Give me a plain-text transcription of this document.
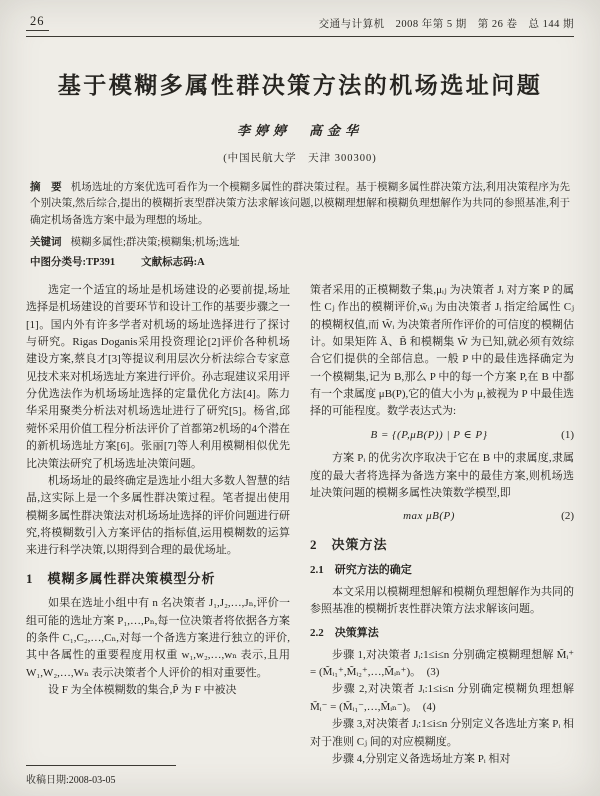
26	交通与计算机　2008 年第 5 期　第 26 卷　总 144 期
基于模糊多属性群决策方法的机场选址问题
李婷婷　高金华
(中国民航大学　天津 300300)

摘　要 机场选址的方案优选可看作为一个模糊多属性的群决策过程。基于模糊多属性群决策方法,利用决策程序为先个别决策,然后综合,提出的模糊折衷型群决策方法求解该问题,以模糊理想解和模糊负理想解作为共同的参照基准,利于确定机场备选方案中最为理想的场址。

关键词 模糊多属性;群决策;模糊集;机场;选址

中图分类号:TP391 文献标志码:A

选定一个适宜的场址是机场建设的必要前提,场址选择是机场建设的首要环节和设计工作的基要步骤之一[1]。国内外有许多学者对机场的场址选择进行了探讨与研究。Rigas Doganis采用投资理论[2]评价各种机场建设方案,蔡良才[3]等提议利用层次分析法综合专家意见技术来对机场选址方案进行评价。孙志琨建议采用评分优选法作为机场场址选择的定量优化方法[4]。陈力华采用聚类分析法对机场选址进行了研究[5]。杨省,邱菀怀采用价值工程分析法评价了首都第2机场的4个潜在的新机场选址方案[6]。张丽[7]等人利用模糊相似优先比决策法研究了机场选址决策问题。

机场场址的最终确定是选址小组大多数人智慧的结晶,这实际上是一个多属性群决策过程。笔者提出使用模糊多属性群决策法对机场场址选择的评价问题进行研究,将模糊数引入方案评估的指标值,运用模糊数的运算来进行科学决策,以期得到合理的最优场址。

1　模糊多属性群决策模型分析

如果在选址小组中有 n 名决策者 J₁,J₂,…,Jₙ,评价一组可能的选址方案 P₁,…,Pₙ,每一位决策者将依据各方案的条件 C₁,C₂,…,Cₙ,对每一个备选方案进行独立的评价,其中各属性的重要程度用权重 w₁,w₂,…,wₙ 表示,且用 W₁,W₂,…,Wₙ 表示决策者个人评价的相对重要性。

设 F 为全体模糊数的集合,P̃ 为 F 中被决

策者采用的正模糊数子集,μᵢⱼ 为决策者 Jᵢ 对方案 P 的属性 Cⱼ 作出的模糊评价,w̃ᵢⱼ 为由决策者 Jᵢ 指定给属性 Cⱼ 的模糊权值,而 W̃ᵢ 为决策者所作评价的可信度的模糊估计。如果矩阵 Ã、B̃ 和模糊集 W̃ 为已知,就必须有效综合它们提供的全部信息。一般 P 中的最佳选择确定为一个模糊集,记为 B,那么 P 中的每一个方案 P,在 B 中都有一个隶属度 μB(P),它的值大小为 μ,被视为 P 中最佳选择的可能程度。数学表达式为:

B = {(P,μB(P)) | P ∈ P}	(1)

方案 Pᵢ 的优劣次序取决于它在 B 中的隶属度,隶属度的最大者将选择为备选方案中的最佳方案,则机场选址决策问题的模糊多属性决策数学模型,即

max μB(P)	(2)
2　决策方法
2.1　研究方法的确定

本文采用以模糊理想解和模糊负理想解作为共同的参照基准的模糊折衷性群决策方法求解该问题。

2.2　决策算法

步骤 1,对决策者 Jᵢ:1≤i≤n 分别确定模糊理想解 M̃ᵢ⁺ = (M̃ᵢ₁⁺,M̃ᵢ₂⁺,…,M̃ᵢₙ⁺)。　(3)

步骤 2,对决策者 Jᵢ:1≤i≤n 分别确定模糊负理想解 M̃ᵢ⁻ = (M̃ᵢ₁⁻,…,M̃ᵢₙ⁻)。　(4)

步骤 3,对决策者 Jᵢ:1≤i≤n 分别定义各选址方案 Pᵢ 相对于准则 Cⱼ 间的对应模糊度。

步骤 4,分别定义备选场址方案 Pᵢ 相对

收稿日期:2008-03-05
